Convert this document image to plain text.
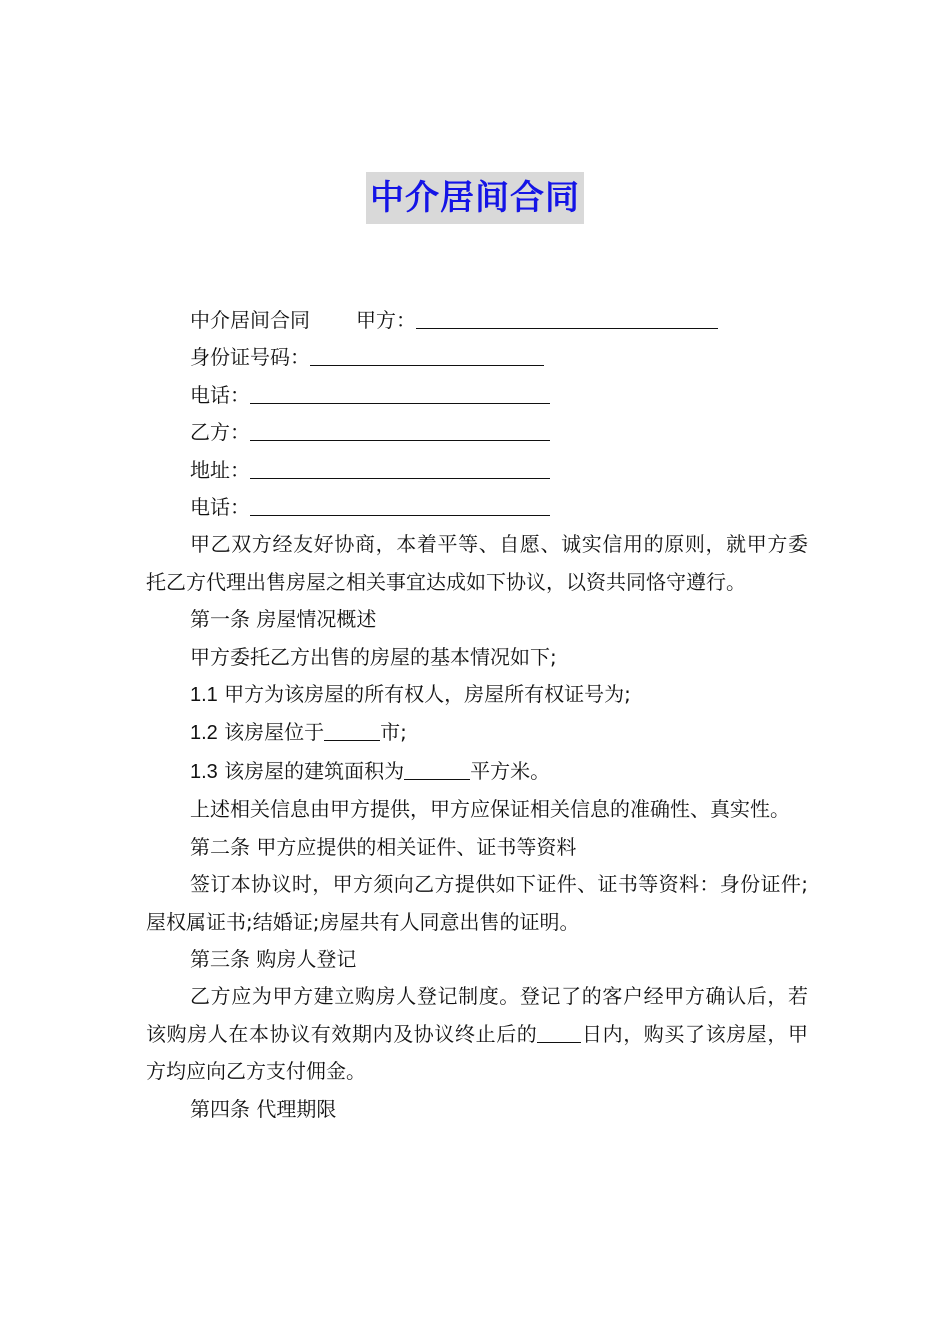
中介居间合同

中介居间合同 甲方：

身份证号码：

电话：

乙方：

地址：

电话：

甲乙双方经友好协商，本着平等、自愿、诚实信用的原则，就甲方委托乙方代理出售房屋之相关事宜达成如下协议，以资共同恪守遵行。

第一条 房屋情况概述

甲方委托乙方出售的房屋的基本情况如下;

1.1 甲方为该房屋的所有权人，房屋所有权证号为;

1.2 该房屋位于	市;

1.3 该房屋的建筑面积为	平方米。

上述相关信息由甲方提供，甲方应保证相关信息的准确性、真实性。

第二条 甲方应提供的相关证件、证书等资料

签订本协议时，甲方须向乙方提供如下证件、证书等资料：身份证件;屋权属证书;结婚证;房屋共有人同意出售的证明。

第三条 购房人登记

乙方应为甲方建立购房人登记制度。登记了的客户经甲方确认后，若该购房人在本协议有效期内及协议终止后的 日内，购买了该房屋，甲方均应向乙方支付佣金。

第四条 代理期限
